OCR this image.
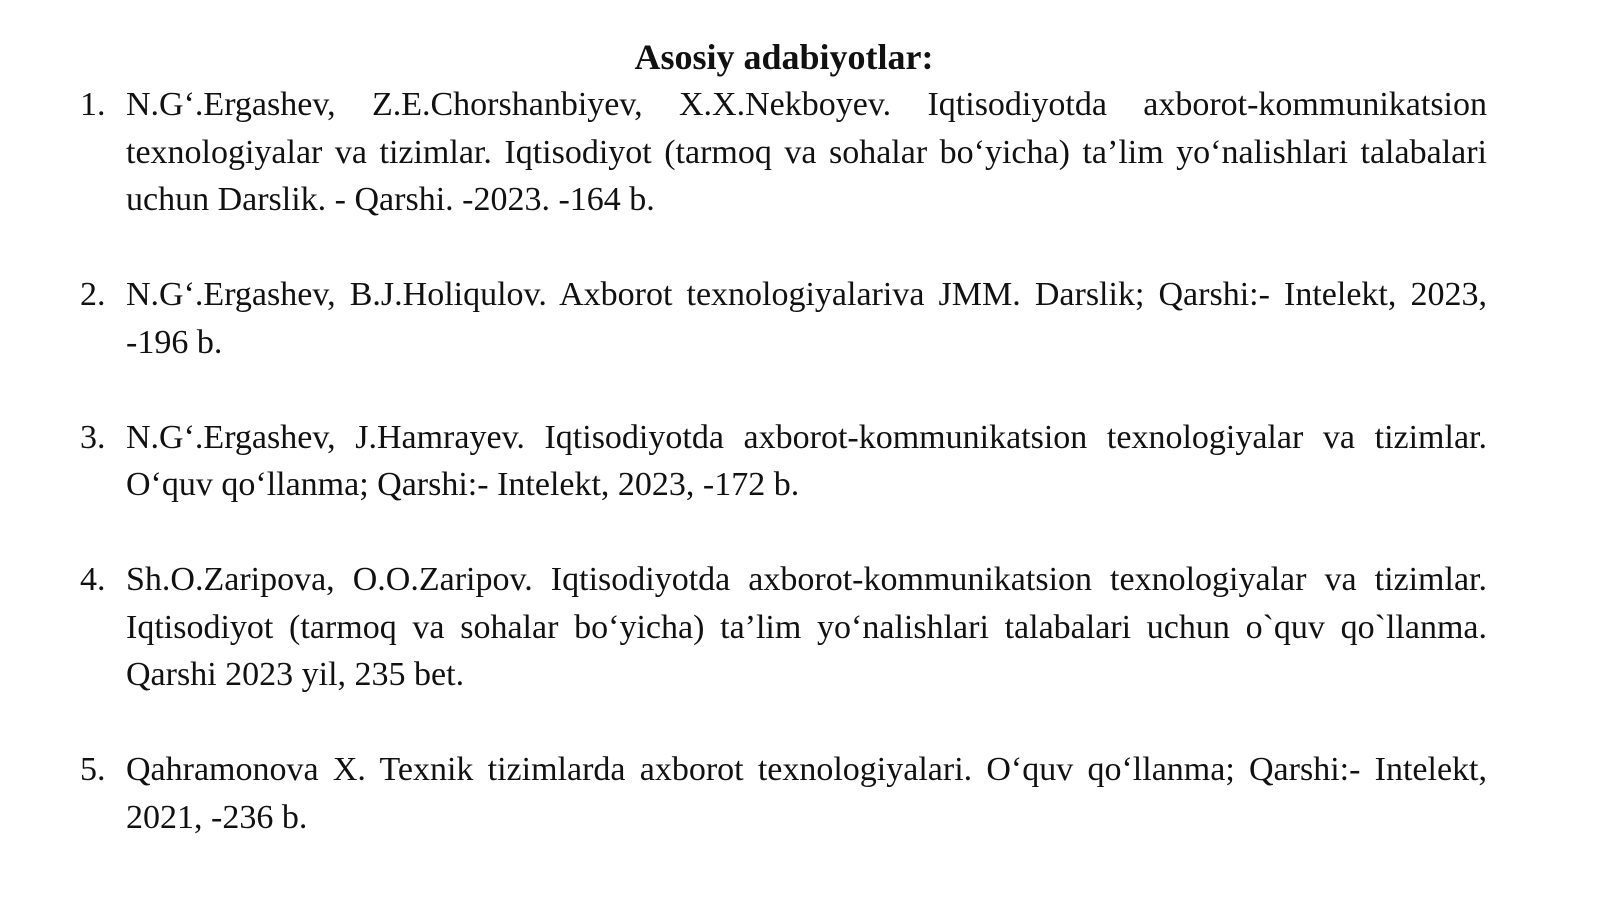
Asosiy adabiyotlar:
1. N.G‘.Ergashev, Z.E.Chorshanbiyev, X.X.Nekboyev. Iqtisodiyotda axborot-kommunikatsion texnologiyalar va tizimlar. Iqtisodiyot (tarmoq va sohalar bo‘yicha) ta’lim yo‘nalishlari talabalari uchun Darslik. - Qarshi. -2023. -164 b.
2. N.G‘.Ergashev, B.J.Holiqulov. Axborot texnologiyalariva JMM. Darslik; Qarshi:- Intelekt, 2023, -196 b.
3. N.G‘.Ergashev, J.Hamrayev. Iqtisodiyotda axborot-kommunikatsion texnologiyalar va tizimlar. O‘quv qo‘llanma; Qarshi:- Intelekt, 2023, -172 b.
4. Sh.O.Zaripova, O.O.Zaripov. Iqtisodiyotda axborot-kommunikatsion texnologiyalar va tizimlar. Iqtisodiyot (tarmoq va sohalar bo‘yicha) ta’lim yo‘nalishlari talabalari uchun o`quv qo`llanma. Qarshi 2023 yil, 235 bet.
5. Qahramonova X. Texnik tizimlarda axborot texnologiyalari. O‘quv qo‘llanma; Qarshi:- Intelekt, 2021, -236 b.
